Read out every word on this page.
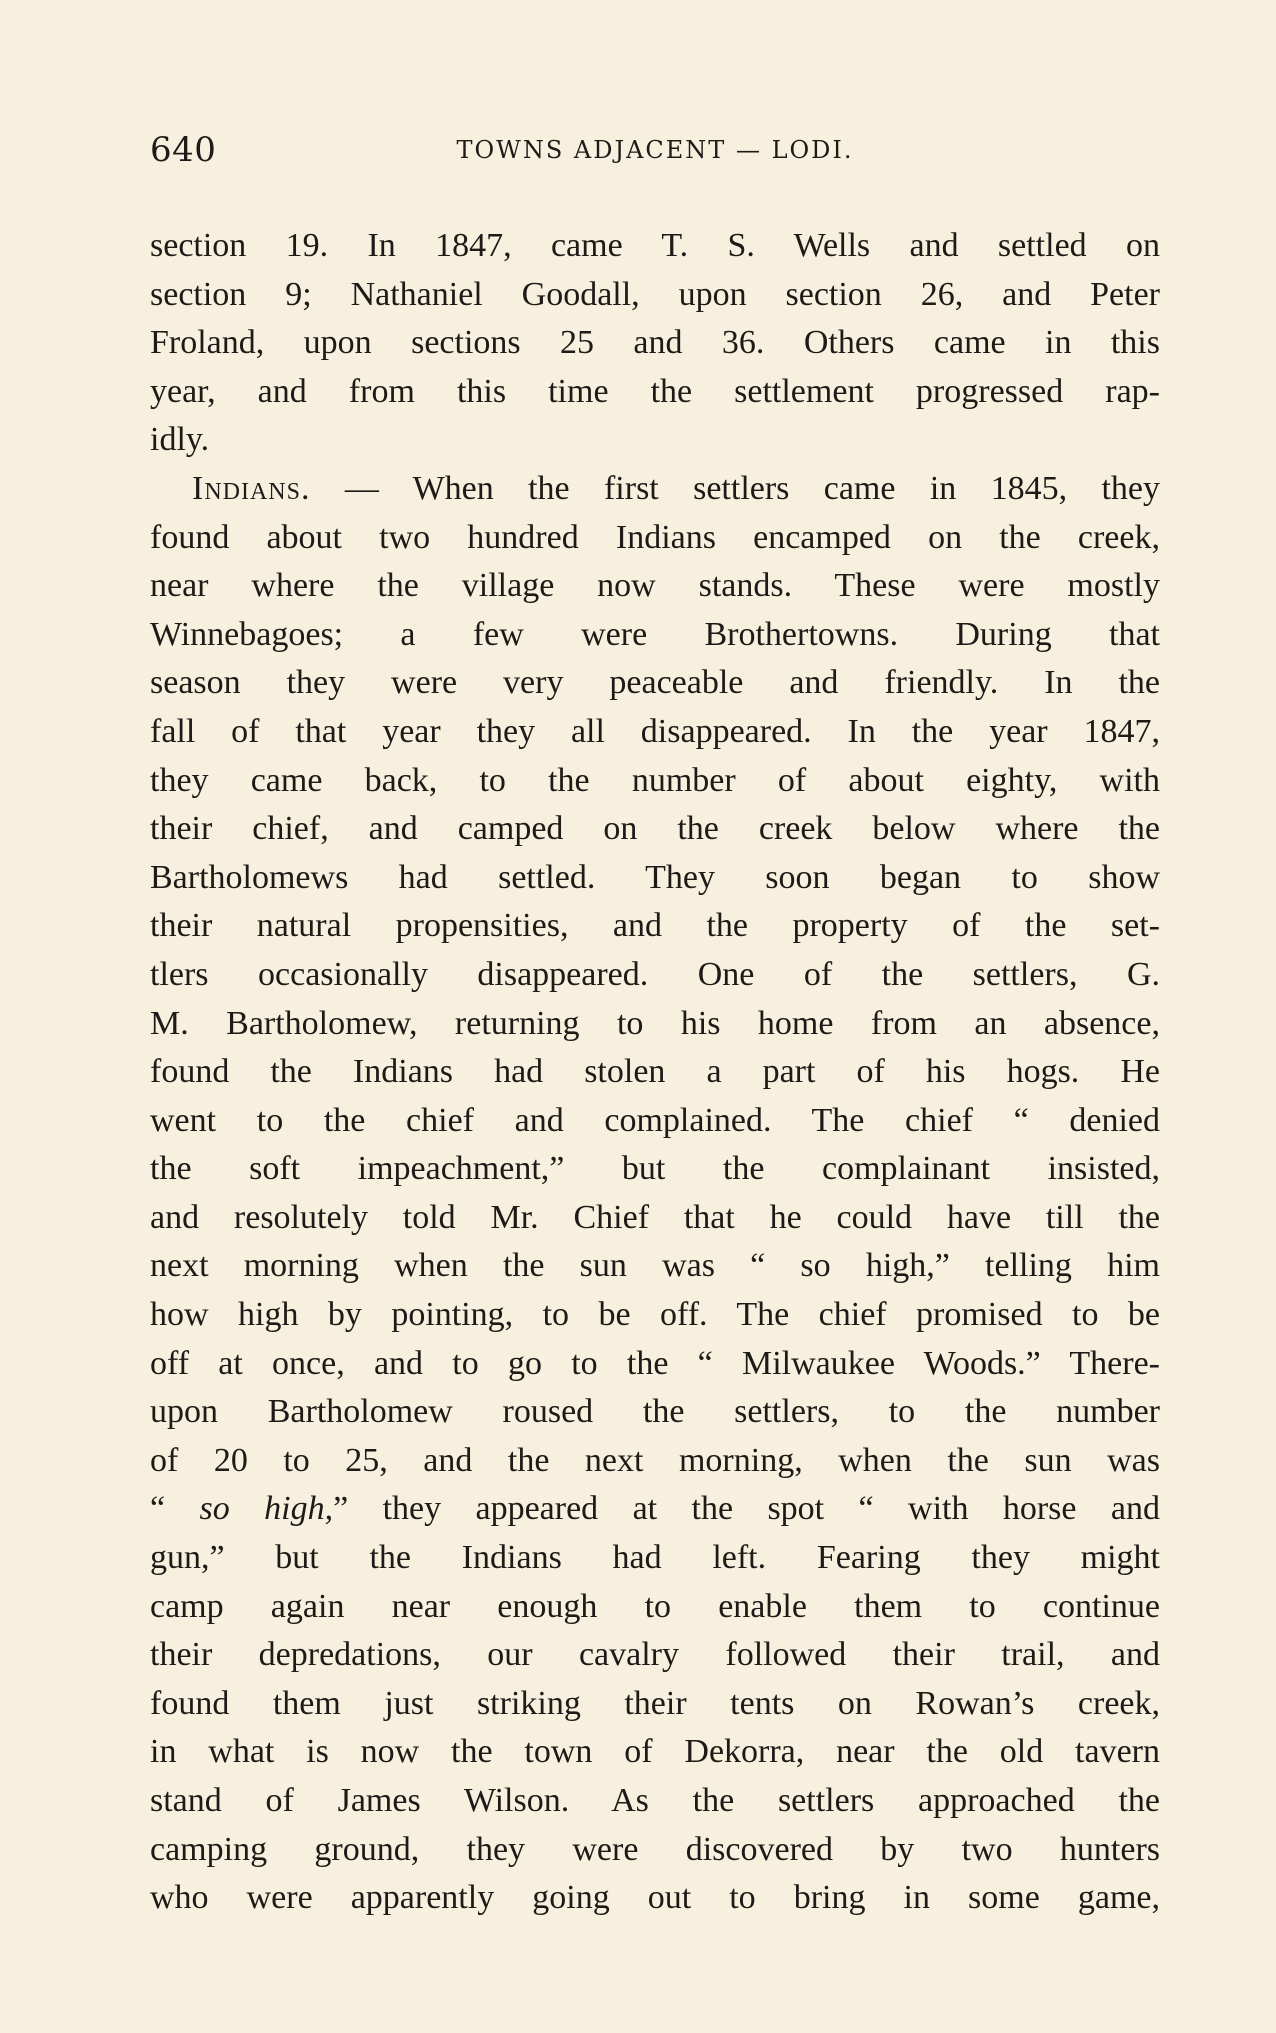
640	TOWNS ADJACENT — LODI.
section 19. In 1847, came T. S. Wells and settled on
section 9; Nathaniel Goodall, upon section 26, and Peter
Froland, upon sections 25 and 36. Others came in this
year, and from this time the settlement progressed rap-
idly.
Indians. — When the first settlers came in 1845, they
found about two hundred Indians encamped on the creek,
near where the village now stands. These were mostly
Winnebagoes; a few were Brothertowns. During that
season they were very peaceable and friendly. In the
fall of that year they all disappeared. In the year 1847,
they came back, to the number of about eighty, with
their chief, and camped on the creek below where the
Bartholomews had settled. They soon began to show
their natural propensities, and the property of the set-
tlers occasionally disappeared. One of the settlers, G.
M. Bartholomew, returning to his home from an absence,
found the Indians had stolen a part of his hogs. He
went to the chief and complained. The chief “ denied
the soft impeachment,” but the complainant insisted,
and resolutely told Mr. Chief that he could have till the
next morning when the sun was “ so high,” telling him
how high by pointing, to be off. The chief promised to be
off at once, and to go to the “ Milwaukee Woods.” There-
upon Bartholomew roused the settlers, to the number
of 20 to 25, and the next morning, when the sun was
“ so high,” they appeared at the spot “ with horse and
gun,” but the Indians had left. Fearing they might
camp again near enough to enable them to continue
their depredations, our cavalry followed their trail, and
found them just striking their tents on Rowan’s creek,
in what is now the town of Dekorra, near the old tavern
stand of James Wilson. As the settlers approached the
camping ground, they were discovered by two hunters
who were apparently going out to bring in some game,
